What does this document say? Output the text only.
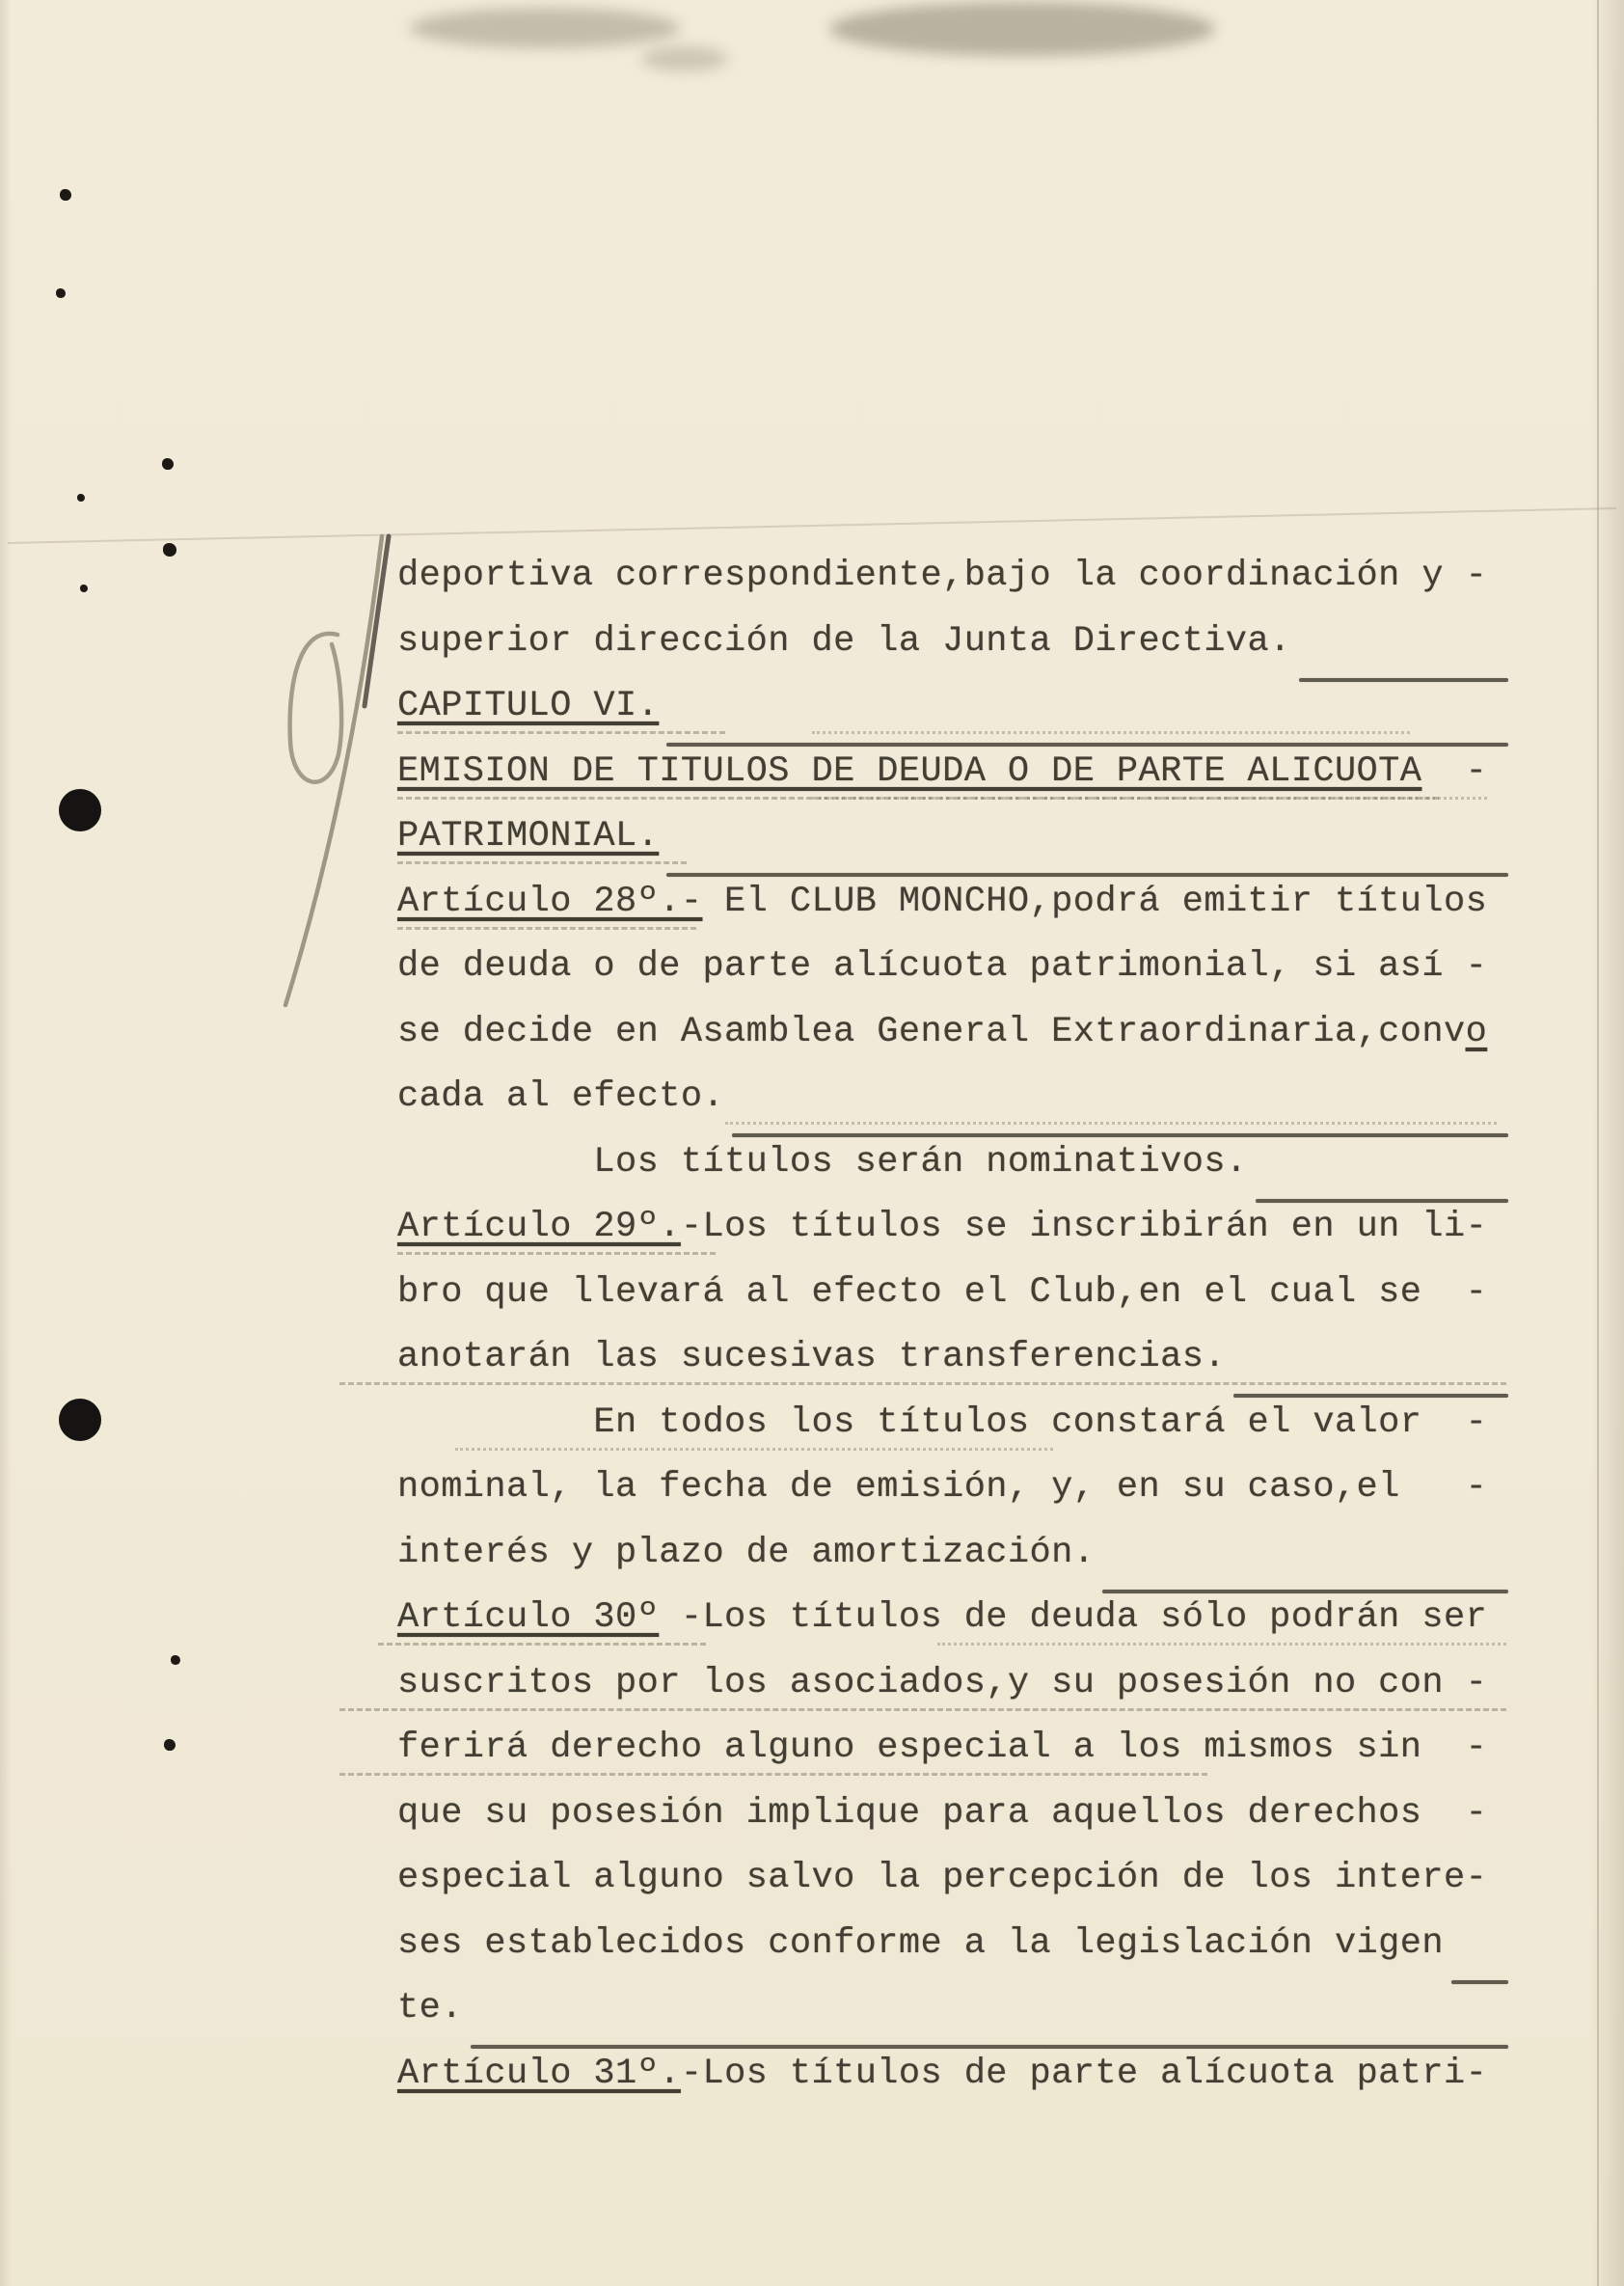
deportiva correspondiente,bajo la coordinación y -
superior dirección de la Junta Directiva.
CAPITULO VI.
EMISION DE TITULOS DE DEUDA O DE PARTE ALICUOTA -
PATRIMONIAL.
Artículo 28º.- El CLUB MONCHO,podrá emitir títulos
de deuda o de parte alícuota patrimonial, si así -
se decide en Asamblea General Extraordinaria,conv o
cada al efecto.
Los títulos serán nominativos.
Artículo 29º. -Los títulos se inscribirán en un li-
bro que llevará al efecto el Club,en el cual se  -
anotarán las sucesivas transferencias.
En todos los títulos constará el valor  -
nominal, la fecha de emisión, y, en su caso,el   -
interés y plazo de amortización.
Artículo 30º -Los títulos de deuda sólo podrán ser
suscritos por los asociados,y su posesión no con -
ferirá derecho alguno especial a los mismos sin  -
que su posesión implique para aquellos derechos  -
especial alguno salvo la percepción de los intere-
ses establecidos conforme a la legislación vigen
te.
Artículo 31º. -Los títulos de parte alícuota patri-
